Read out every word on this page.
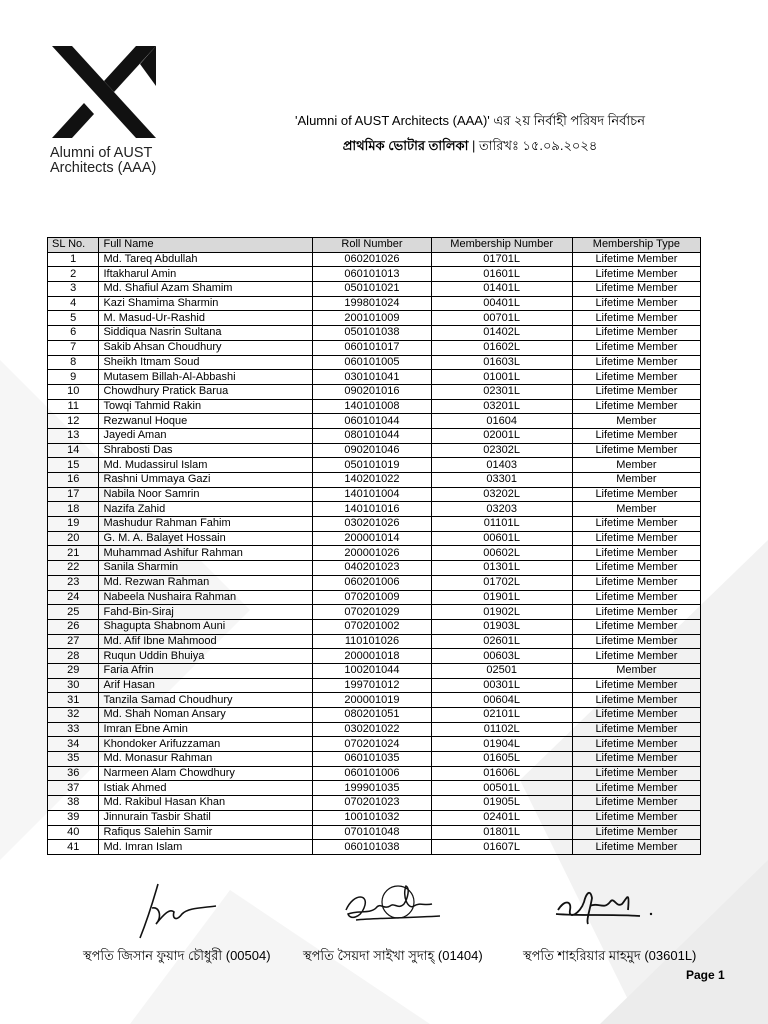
Alumni of AUST
Architects (AAA)
'Alumni of AUST Architects (AAA)' এর ২য় নির্বাহী পরিষদ নির্বাচন
প্রাথমিক ভোটার তালিকা | তারিখঃ ১৫.০৯.২০২৪
SL No.	Full Name	Roll Number	Membership Number	Membership Type
1	Md. Tareq Abdullah	060201026	01701L	Lifetime Member
2	Iftakharul Amin	060101013	01601L	Lifetime Member
3	Md. Shafiul Azam Shamim	050101021	01401L	Lifetime Member
4	Kazi Shamima Sharmin	199801024	00401L	Lifetime Member
5	M. Masud-Ur-Rashid	200101009	00701L	Lifetime Member
6	Siddiqua Nasrin Sultana	050101038	01402L	Lifetime Member
7	Sakib Ahsan Choudhury	060101017	01602L	Lifetime Member
8	Sheikh Itmam Soud	060101005	01603L	Lifetime Member
9	Mutasem Billah-Al-Abbashi	030101041	01001L	Lifetime Member
10	Chowdhury Pratick Barua	090201016	02301L	Lifetime Member
11	Towqi Tahmid Rakin	140101008	03201L	Lifetime Member
12	Rezwanul Hoque	060101044	01604	Member
13	Jayedi Aman	080101044	02001L	Lifetime Member
14	Shrabosti Das	090201046	02302L	Lifetime Member
15	Md. Mudassirul Islam	050101019	01403	Member
16	Rashni Ummaya Gazi	140201022	03301	Member
17	Nabila Noor Samrin	140101004	03202L	Lifetime Member
18	Nazifa Zahid	140101016	03203	Member
19	Mashudur Rahman Fahim	030201026	01101L	Lifetime Member
20	G. M. A. Balayet Hossain	200001014	00601L	Lifetime Member
21	Muhammad Ashifur Rahman	200001026	00602L	Lifetime Member
22	Sanila Sharmin	040201023	01301L	Lifetime Member
23	Md. Rezwan Rahman	060201006	01702L	Lifetime Member
24	Nabeela Nushaira Rahman	070201009	01901L	Lifetime Member
25	Fahd-Bin-Siraj	070201029	01902L	Lifetime Member
26	Shagupta Shabnom Auni	070201002	01903L	Lifetime Member
27	Md. Afif Ibne Mahmood	110101026	02601L	Lifetime Member
28	Ruqun Uddin Bhuiya	200001018	00603L	Lifetime Member
29	Faria Afrin	100201044	02501	Member
30	Arif Hasan	199701012	00301L	Lifetime Member
31	Tanzila Samad Choudhury	200001019	00604L	Lifetime Member
32	Md. Shah Noman Ansary	080201051	02101L	Lifetime Member
33	Imran Ebne Amin	030201022	01102L	Lifetime Member
34	Khondoker Arifuzzaman	070201024	01904L	Lifetime Member
35	Md. Monasur Rahman	060101035	01605L	Lifetime Member
36	Narmeen Alam Chowdhury	060101006	01606L	Lifetime Member
37	Istiak Ahmed	199901035	00501L	Lifetime Member
38	Md. Rakibul Hasan Khan	070201023	01905L	Lifetime Member
39	Jinnurain Tasbir Shatil	100101032	02401L	Lifetime Member
40	Rafiqus Salehin Samir	070101048	01801L	Lifetime Member
41	Md. Imran Islam	060101038	01607L	Lifetime Member
স্থপতি জিসান ফুয়াদ চৌধুরী (00504) স্থপতি সৈয়দা সাইখা সুদাহ্ (01404)	স্থপতি শাহরিয়ার মাহমুদ (03601L)
Page 1
